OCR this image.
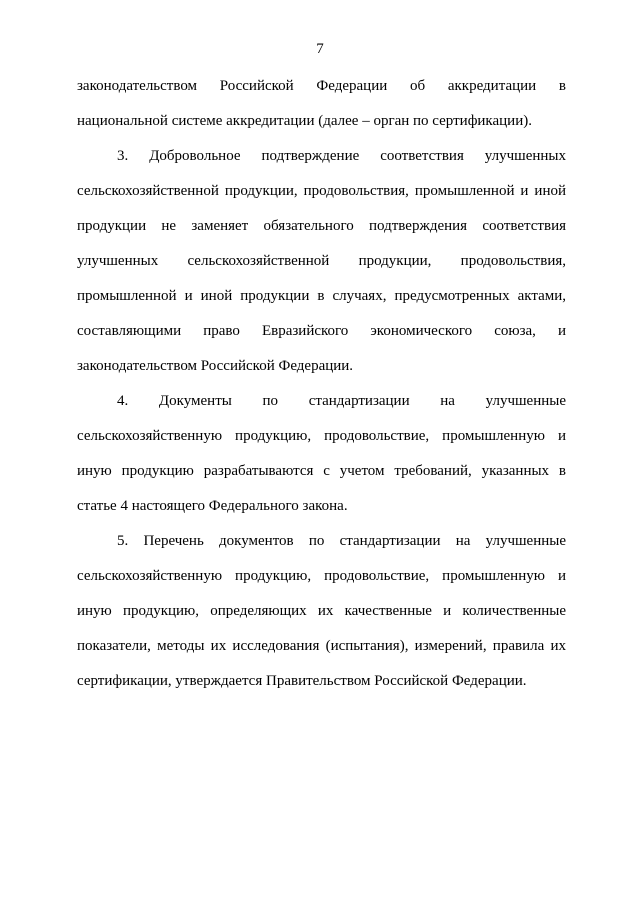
7
законодательством Российской Федерации об аккредитации в
национальной системе аккредитации (далее – орган по сертификации).
3. Добровольное подтверждение соответствия улучшенных
сельскохозяйственной продукции, продовольствия, промышленной и иной
продукции не заменяет обязательного подтверждения соответствия
улучшенных сельскохозяйственной продукции, продовольствия,
промышленной и иной продукции в случаях, предусмотренных актами,
составляющими право Евразийского экономического союза, и
законодательством Российской Федерации.
4. Документы по стандартизации на улучшенные
сельскохозяйственную продукцию, продовольствие, промышленную и
иную продукцию разрабатываются с учетом требований, указанных в
статье 4 настоящего Федерального закона.
5. Перечень документов по стандартизации на улучшенные
сельскохозяйственную продукцию, продовольствие, промышленную и
иную продукцию, определяющих их качественные и количественные
показатели, методы их исследования (испытания), измерений, правила их
сертификации, утверждается Правительством Российской Федерации.
